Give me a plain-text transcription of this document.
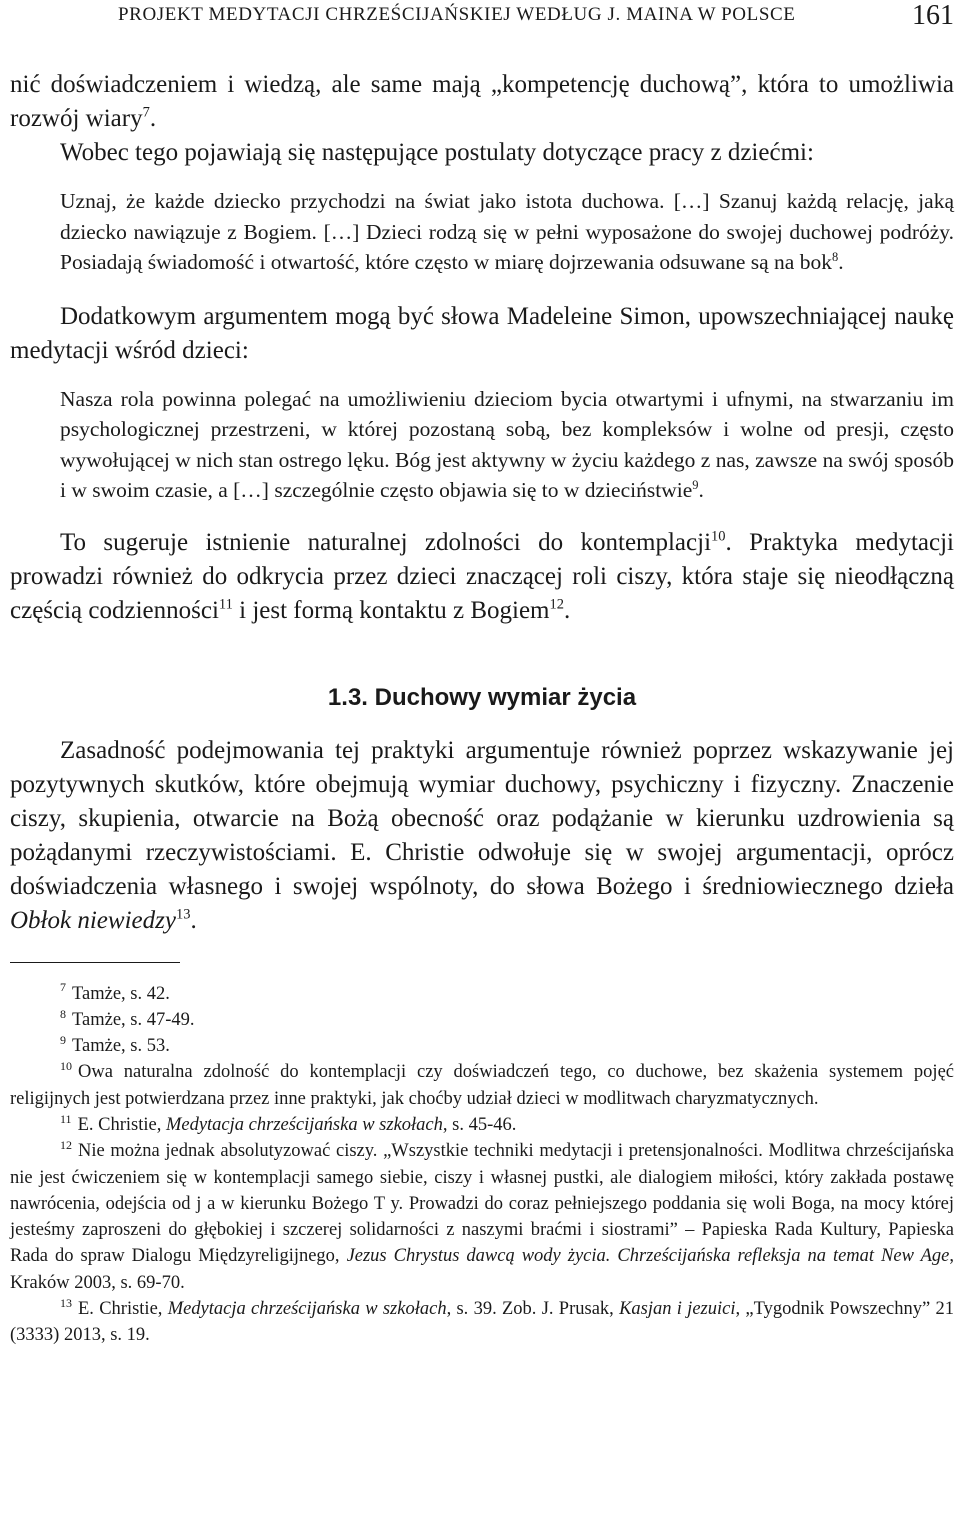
PROJEKT MEDYTACJI CHRZEŚCIJAŃSKIEJ WEDŁUG J. MAINA W POLSCE	161

nić doświadczeniem i wiedzą, ale same mają „kompetencję duchową”, która to umożliwia rozwój wiary$^7$.

Wobec tego pojawiają się następujące postulaty dotyczące pracy z dziećmi:

Uznaj, że każde dziecko przychodzi na świat jako istota duchowa. […] Szanuj każdą relację, jaką dziecko nawiązuje z Bogiem. […] Dzieci rodzą się w pełni wyposażone do swojej duchowej podróży. Posiadają świadomość i otwartość, które często w miarę dojrzewania odsuwane są na bok$^8$.

Dodatkowym argumentem mogą być słowa Madeleine Simon, upowszechniającej naukę medytacji wśród dzieci:

Nasza rola powinna polegać na umożliwieniu dzieciom bycia otwartymi i ufnymi, na stwarzaniu im psychologicznej przestrzeni, w której pozostaną sobą, bez kompleksów i wolne od presji, często wywołującej w nich stan ostrego lęku. Bóg jest aktywny w życiu każdego z nas, zawsze na swój sposób i w swoim czasie, a […] szczególnie często objawia się to w dzieciństwie$^9$.

To sugeruje istnienie naturalnej zdolności do kontemplacji$^{10}$. Praktyka medytacji prowadzi również do odkrycia przez dzieci znaczącej roli ciszy, która staje się nieodłączną częścią codzienności$^{11}$ i jest formą kontaktu z Bogiem$^{12}$.

1.3. Duchowy wymiar życia

Zasadność podejmowania tej praktyki argumentuje również poprzez wskazywanie jej pozytywnych skutków, które obejmują wymiar duchowy, psychiczny i fizyczny. Znaczenie ciszy, skupienia, otwarcie na Bożą obecność oraz podążanie w kierunku uzdrowienia są pożądanymi rzeczywistościami. E. Christie odwołuje się w swojej argumentacji, oprócz doświadczenia własnego i swojej wspólnoty, do słowa Bożego i średniowiecznego dzieła Obłok niewiedzy$^{13}$.

$^7$ Tamże, s. 42.

$^8$ Tamże, s. 47-49.

$^9$ Tamże, s. 53.

$^{10}$ Owa naturalna zdolność do kontemplacji czy doświadczeń tego, co duchowe, bez skażenia systemem pojęć religijnych jest potwierdzana przez inne praktyki, jak choćby udział dzieci w modlitwach charyzmatycznych.

$^{11}$ E. Christie, Medytacja chrześcijańska w szkołach, s. 45-46.

$^{12}$ Nie można jednak absolutyzować ciszy. „Wszystkie techniki medytacji i pretensjonalności. Modlitwa chrześcijańska nie jest ćwiczeniem się w kontemplacji samego siebie, ciszy i własnej pustki, ale dialogiem miłości, który zakłada postawę nawrócenia, odejścia od j a w kierunku Bożego T y. Prowadzi do coraz pełniejszego poddania się woli Boga, na mocy której jesteśmy zaproszeni do głębokiej i szczerej solidarności z naszymi braćmi i siostrami” – Papieska Rada Kultury, Papieska Rada do spraw Dialogu Międzyreligijnego, Jezus Chrystus dawcą wody życia. Chrześcijańska refleksja na temat New Age, Kraków 2003, s. 69-70.

$^{13}$ E. Christie, Medytacja chrześcijańska w szkołach, s. 39. Zob. J. Prusak, Kasjan i jezuici, „Tygodnik Powszechny” 21 (3333) 2013, s. 19.
